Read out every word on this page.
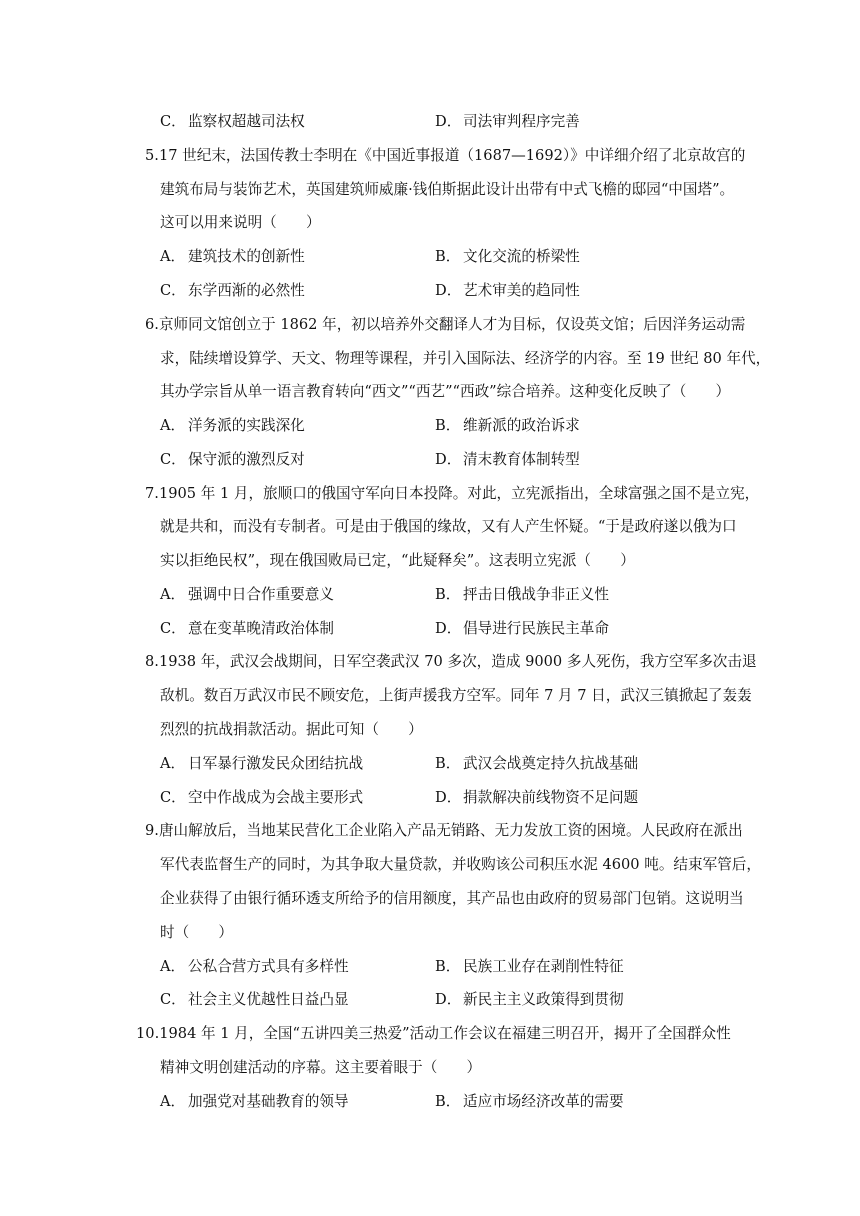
C． 监察权超越司法权	D． 司法审判程序完善
5.17 世纪末，法国传教士李明在《中国近事报道（1687—1692）》中详细介绍了北京故宫的
建筑布局与装饰艺术，英国建筑师威廉·钱伯斯据此设计出带有中式飞檐的邸园“中国塔”。
这可以用来说明（　　）
A． 建筑技术的创新性	B． 文化交流的桥梁性
C． 东学西渐的必然性	D． 艺术审美的趋同性
6.京师同文馆创立于 1862 年，初以培养外交翻译人才为目标，仅设英文馆；后因洋务运动需
求，陆续增设算学、天文、物理等课程，并引入国际法、经济学的内容。至 19 世纪 80 年代，
其办学宗旨从单一语言教育转向“西文”“西艺”“西政”综合培养。这种变化反映了（　　）
A． 洋务派的实践深化	B． 维新派的政治诉求
C． 保守派的激烈反对	D． 清末教育体制转型
7.1905 年 1 月，旅顺口的俄国守军向日本投降。对此，立宪派指出，全球富强之国不是立宪，
就是共和，而没有专制者。可是由于俄国的缘故，又有人产生怀疑。“于是政府遂以俄为口
实以拒绝民权”，现在俄国败局已定，“此疑释矣”。这表明立宪派（　　）
A． 强调中日合作重要意义	B． 抨击日俄战争非正义性
C． 意在变革晚清政治体制	D． 倡导进行民族民主革命
8.1938 年，武汉会战期间，日军空袭武汉 70 多次，造成 9000 多人死伤，我方空军多次击退
敌机。数百万武汉市民不顾安危，上街声援我方空军。同年 7 月 7 日，武汉三镇掀起了轰轰
烈烈的抗战捐款活动。据此可知（　　）
A． 日军暴行激发民众团结抗战	B． 武汉会战奠定持久抗战基础
C． 空中作战成为会战主要形式	D． 捐款解决前线物资不足问题
9.唐山解放后，当地某民营化工企业陷入产品无销路、无力发放工资的困境。人民政府在派出
军代表监督生产的同时，为其争取大量贷款，并收购该公司积压水泥 4600 吨。结束军管后，
企业获得了由银行循环透支所给予的信用额度，其产品也由政府的贸易部门包销。这说明当
时（　　）
A． 公私合营方式具有多样性	B． 民族工业存在剥削性特征
C． 社会主义优越性日益凸显	D． 新民主主义政策得到贯彻
10.1984 年 1 月，全国“五讲四美三热爱”活动工作会议在福建三明召开，揭开了全国群众性
精神文明创建活动的序幕。这主要着眼于（　　）
A． 加强党对基础教育的领导	B． 适应市场经济改革的需要
